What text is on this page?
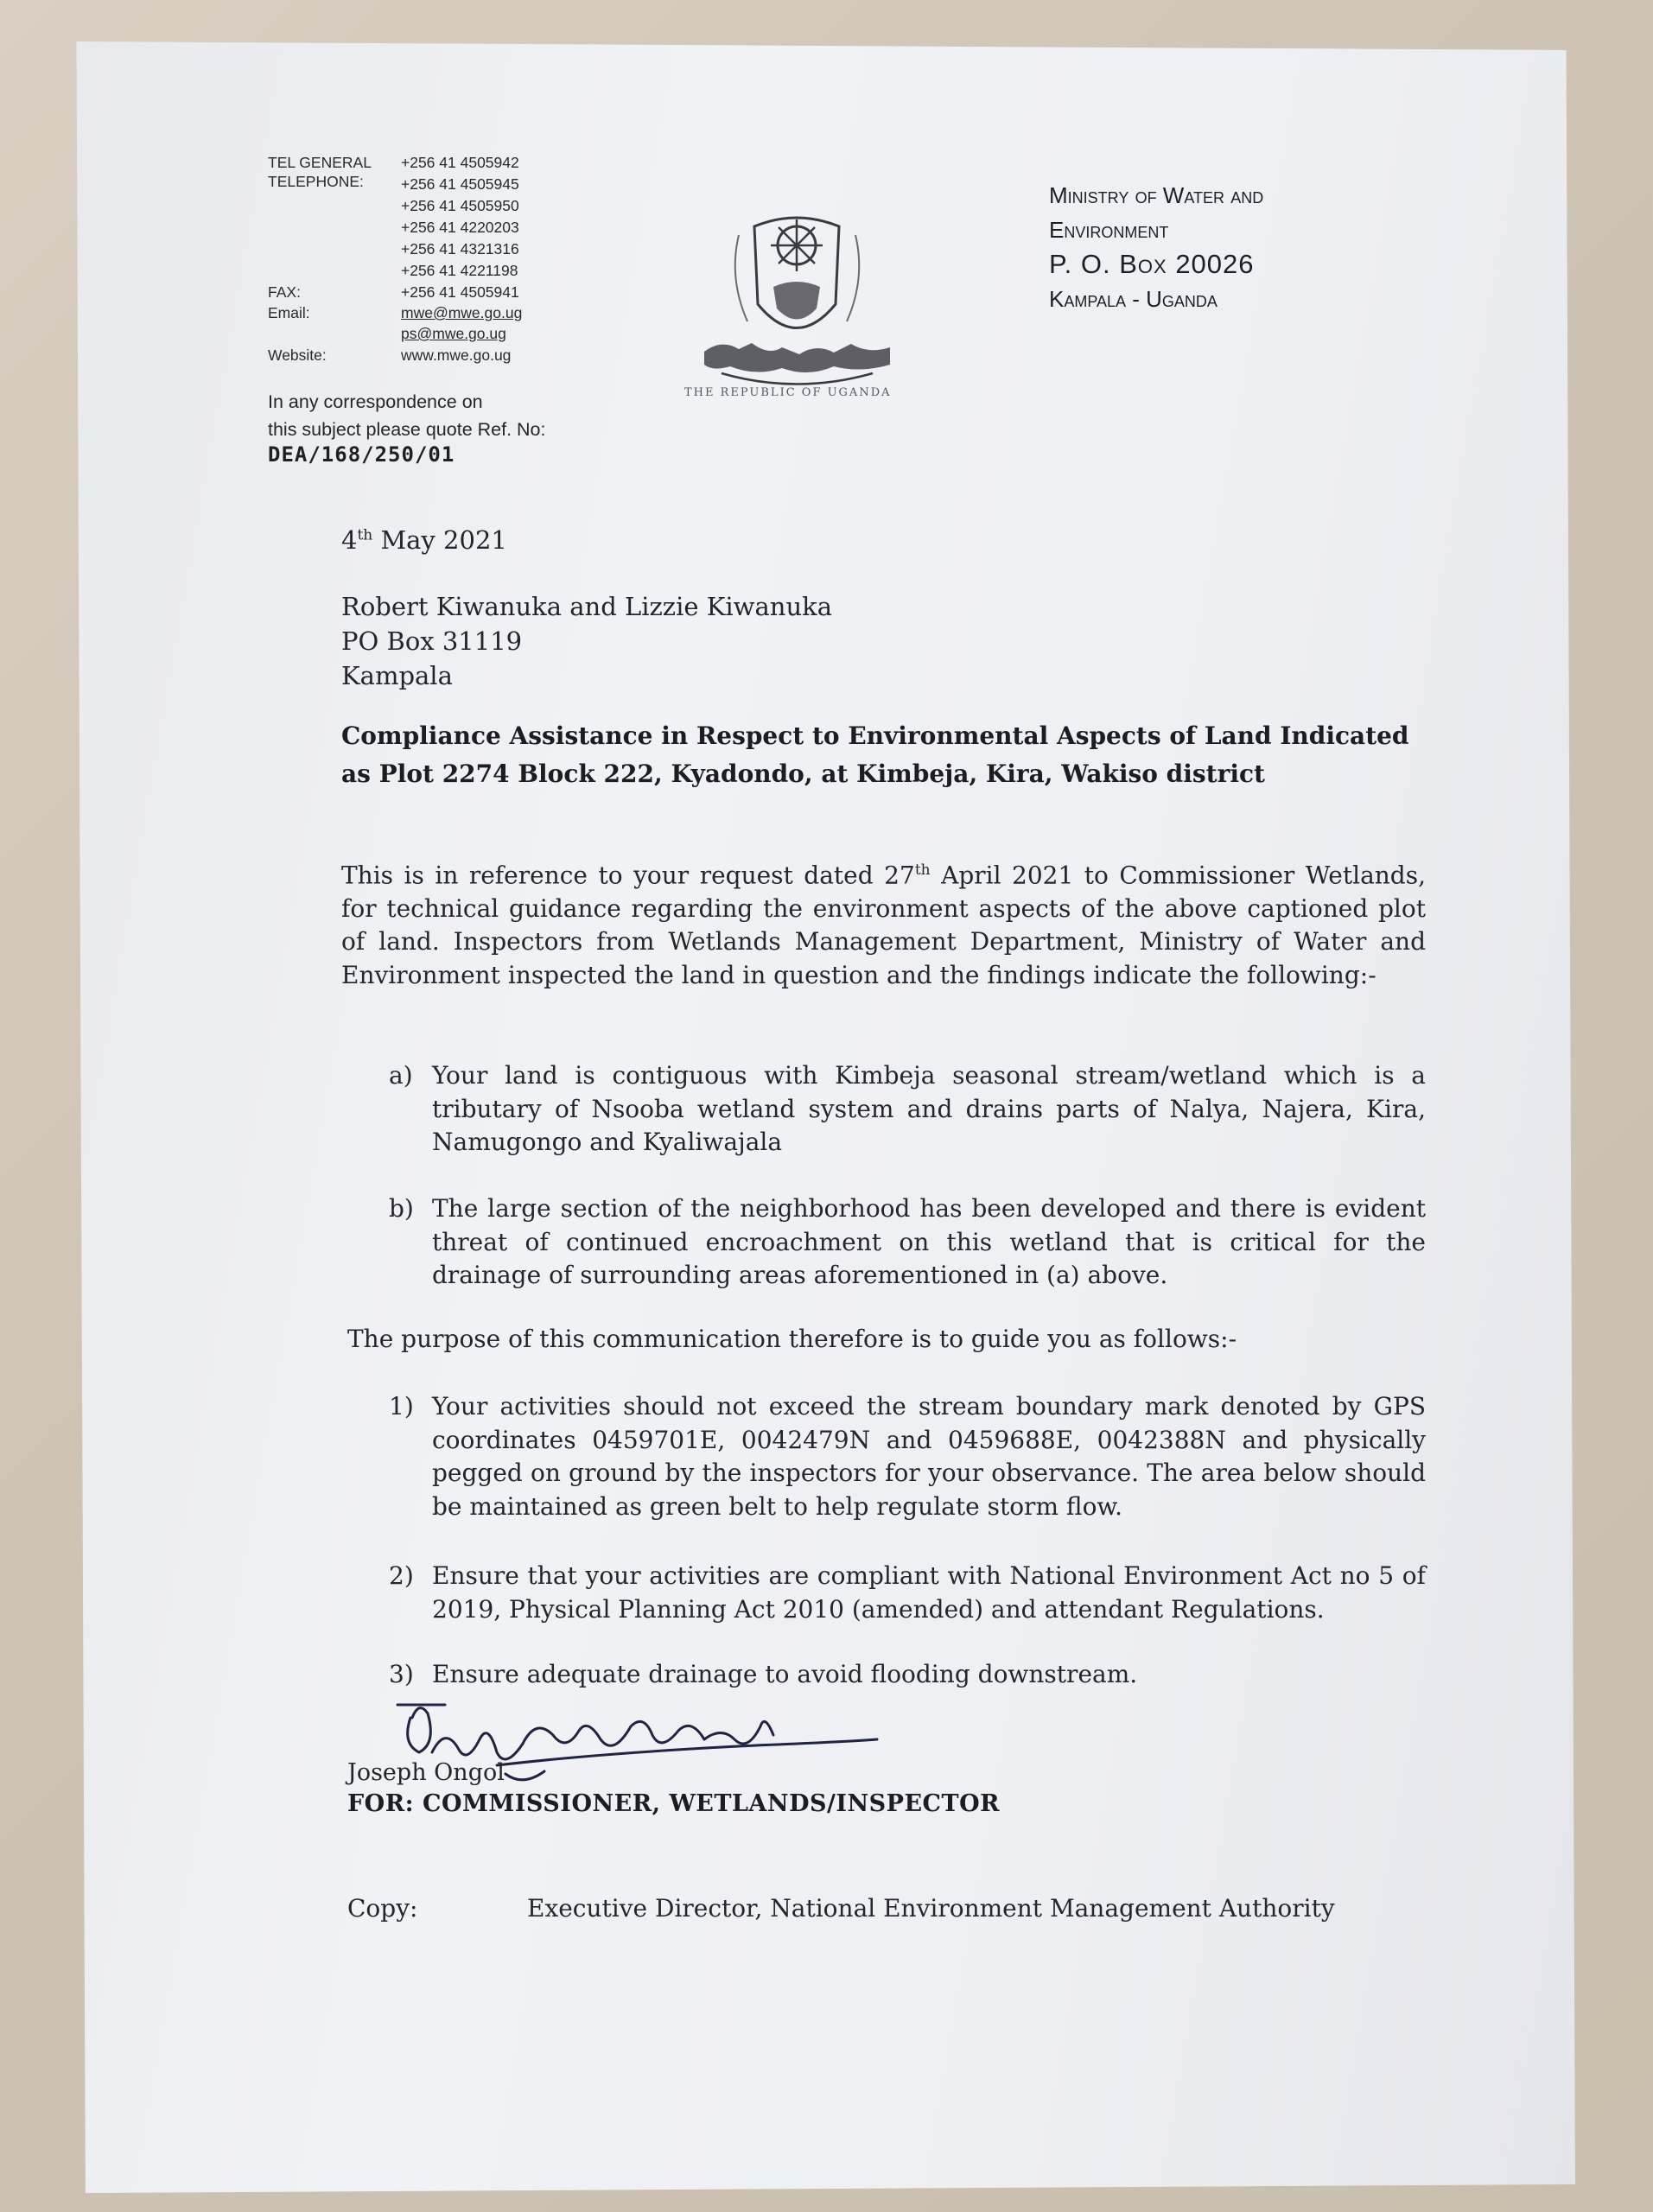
TEL GENERAL
TELEPHONE:
+256 41 4505942
+256 41 4505945
+256 41 4505950
+256 41 4220203
+256 41 4321316
+256 41 4221198
FAX:	+256 41 4505941
Email:	mwe@mwe.go.ug
ps@mwe.go.ug
Website:	www.mwe.go.ug
In any correspondence on
this subject please quote Ref. No:
DEA/168/250/01
THE REPUBLIC OF UGANDA
Ministry of Water and
Environment
P. O. Box 20026
Kampala - Uganda
4th May 2021
Robert Kiwanuka and Lizzie Kiwanuka
PO Box 31119
Kampala
Compliance Assistance in Respect to Environmental Aspects of Land Indicated as Plot 2274 Block 222, Kyadondo, at Kimbeja, Kira, Wakiso district
This is in reference to your request dated 27th April 2021 to Commissioner Wetlands, for technical guidance regarding the environment aspects of the above captioned plot of land. Inspectors from Wetlands Management Department, Ministry of Water and Environment inspected the land in question and the findings indicate the following:-
a) Your land is contiguous with Kimbeja seasonal stream/wetland which is a tributary of Nsooba wetland system and drains parts of Nalya, Najera, Kira, Namugongo and Kyaliwajala
b) The large section of the neighborhood has been developed and there is evident threat of continued encroachment on this wetland that is critical for the drainage of surrounding areas aforementioned in (a) above.
The purpose of this communication therefore is to guide you as follows:-
1) Your activities should not exceed the stream boundary mark denoted by GPS coordinates 0459701E, 0042479N and 0459688E, 0042388N and physically pegged on ground by the inspectors for your observance. The area below should be maintained as green belt to help regulate storm flow.
2) Ensure that your activities are compliant with National Environment Act no 5 of 2019, Physical Planning Act 2010 (amended) and attendant Regulations.
3) Ensure adequate drainage to avoid flooding downstream.
Joseph Ongol
FOR: COMMISSIONER, WETLANDS/INSPECTOR
Copy:	Executive Director, National Environment Management Authority
